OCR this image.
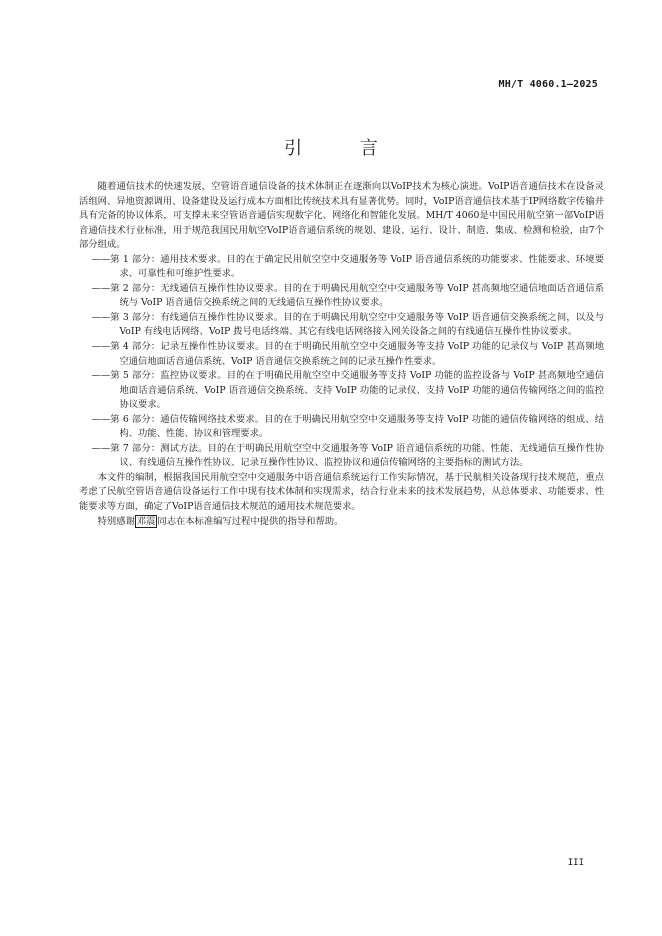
MH/T 4060.1—2025
引 言

随着通信技术的快速发展，空管语音通信设备的技术体制正在逐渐向以VoIP技术为核心演进。VoIP语音通信技术在设备灵活组网、异地资源调用、设备建设及运行成本方面相比传统技术具有显著优势。同时，VoIP语音通信技术基于IP网络数字传输并具有完备的协议体系，可支撑未来空管语音通信实现数字化、网络化和智能化发展。MH/T 4060是中国民用航空第一部VoIP语音通信技术行业标准，用于规范我国民用航空VoIP语音通信系统的规划、建设、运行、设计、制造、集成、检测和检验，由7个部分组成。

——第 1 部分：通用技术要求。目的在于确定民用航空空中交通服务等 VoIP 语音通信系统的功能要求、性能要求、环境要求、可靠性和可维护性要求。

——第 2 部分：无线通信互操作性协议要求。目的在于明确民用航空空中交通服务等 VoIP 甚高频地空通信地面话音通信系统与 VoIP 语音通信交换系统之间的无线通信互操作性协议要求。

——第 3 部分：有线通信互操作性协议要求。目的在于明确民用航空空中交通服务等 VoIP 语音通信交换系统之间，以及与 VoIP 有线电话网络、VoIP 拨号电话终端、其它有线电话网络接入网关设备之间的有线通信互操作性协议要求。

——第 4 部分：记录互操作性协议要求。目的在于明确民用航空空中交通服务等支持 VoIP 功能的记录仪与 VoIP 甚高频地空通信地面话音通信系统、VoIP 语音通信交换系统之间的记录互操作性要求。

——第 5 部分：监控协议要求。目的在于明确民用航空空中交通服务等支持 VoIP 功能的监控设备与 VoIP 甚高频地空通信地面话音通信系统、VoIP 语音通信交换系统、支持 VoIP 功能的记录仪、支持 VoIP 功能的通信传输网络之间的监控协议要求。

——第 6 部分：通信传输网络技术要求。目的在于明确民用航空空中交通服务等支持 VoIP 功能的通信传输网络的组成、结构、功能、性能、协议和管理要求。

——第 7 部分：测试方法。目的在于明确民用航空空中交通服务等 VoIP 语音通信系统的功能、性能、无线通信互操作性协议、有线通信互操作性协议、记录互操作性协议、监控协议和通信传输网络的主要指标的测试方法。

本文件的编制，根据我国民用航空空中交通服务中语音通信系统运行工作实际情况，基于民航相关设备现行技术规范，重点考虑了民航空管语音通信设备运行工作中现有技术体制和实现需求，结合行业未来的技术发展趋势，从总体要求、功能要求、性能要求等方面，确定了VoIP语音通信技术规范的通用技术规范要求。

特别感谢 邓震 同志在本标准编写过程中提供的指导和帮助。

III
